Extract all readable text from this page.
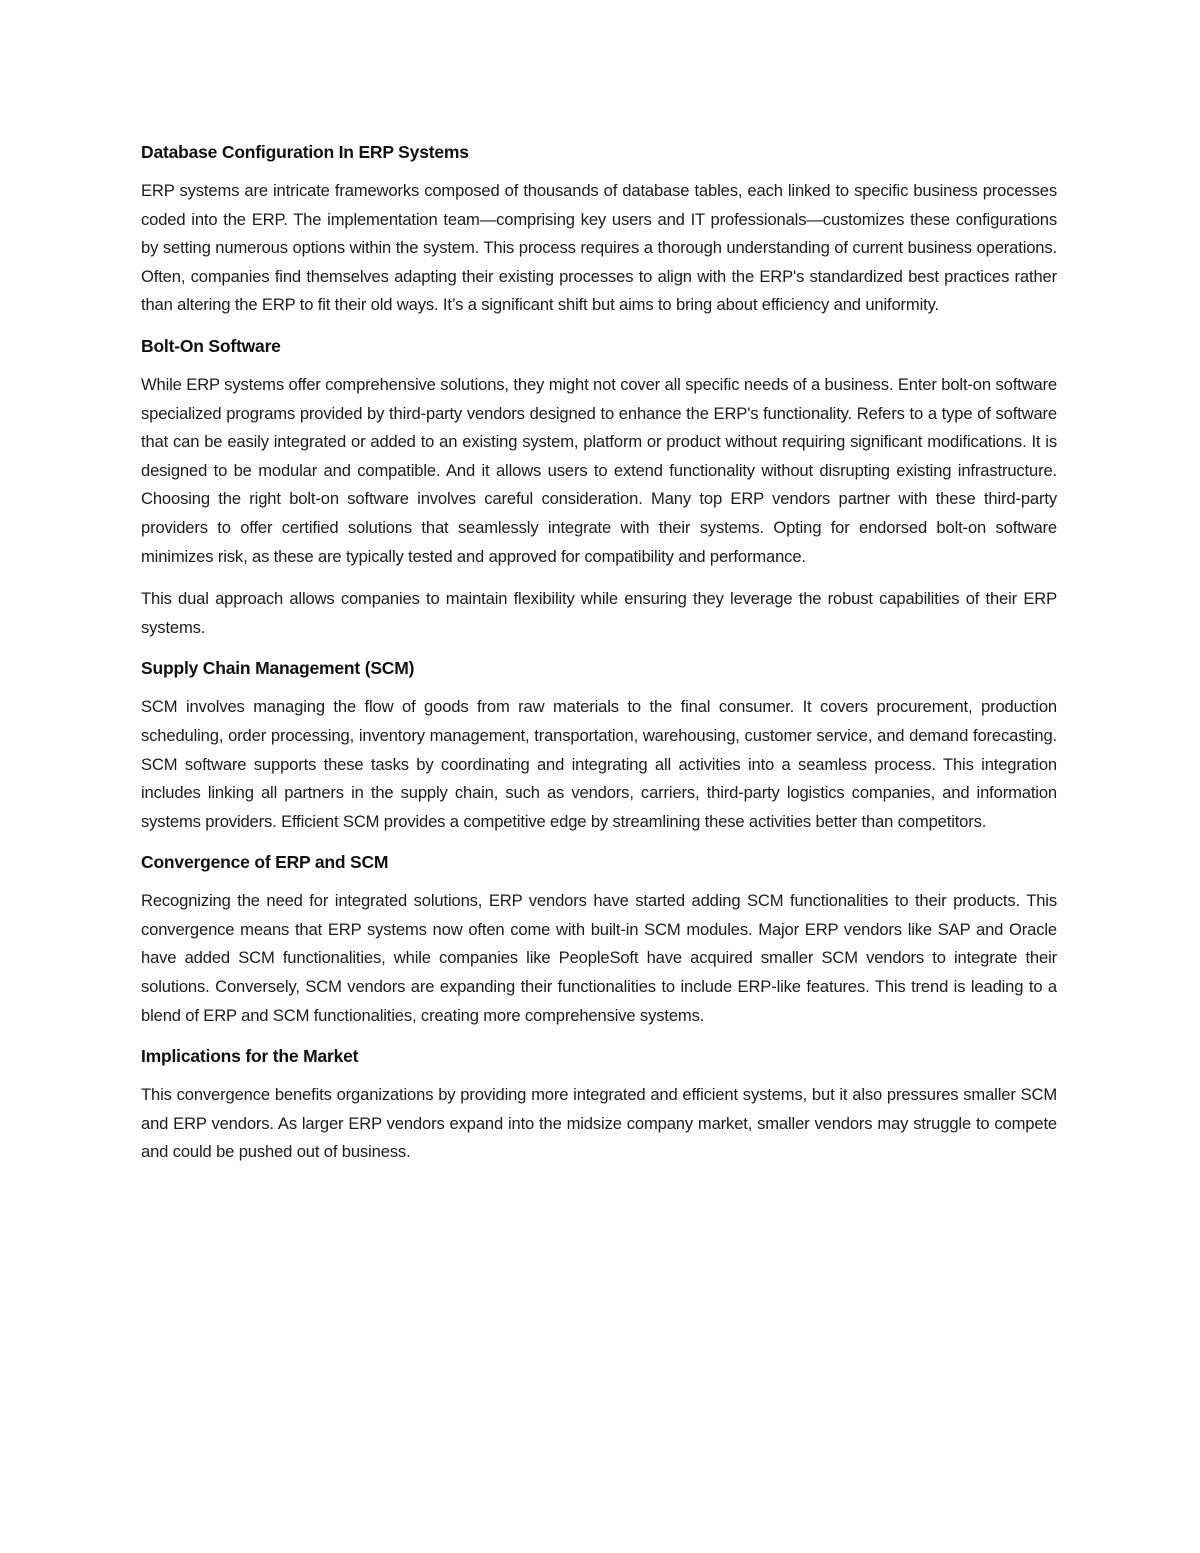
Database Configuration In ERP Systems

ERP systems are intricate frameworks composed of thousands of database tables, each linked to specific business processes coded into the ERP. The implementation team—comprising key users and IT professionals—customizes these configurations by setting numerous options within the system. This process requires a thorough understanding of current business operations. Often, companies find themselves adapting their existing processes to align with the ERP's standardized best practices rather than altering the ERP to fit their old ways. It’s a significant shift but aims to bring about efficiency and uniformity.

Bolt-On Software

While ERP systems offer comprehensive solutions, they might not cover all specific needs of a business. Enter bolt-on software specialized programs provided by third-party vendors designed to enhance the ERP's functionality. Refers to a type of software that can be easily integrated or added to an existing system, platform or product without requiring significant modifications. It is designed to be modular and compatible. And it allows users to extend functionality without disrupting existing infrastructure. Choosing the right bolt-on software involves careful consideration. Many top ERP vendors partner with these third-party providers to offer certified solutions that seamlessly integrate with their systems. Opting for endorsed bolt-on software minimizes risk, as these are typically tested and approved for compatibility and performance.

This dual approach allows companies to maintain flexibility while ensuring they leverage the robust capabilities of their ERP systems.

Supply Chain Management (SCM)

SCM involves managing the flow of goods from raw materials to the final consumer. It covers procurement, production scheduling, order processing, inventory management, transportation, warehousing, customer service, and demand forecasting. SCM software supports these tasks by coordinating and integrating all activities into a seamless process. This integration includes linking all partners in the supply chain, such as vendors, carriers, third-party logistics companies, and information systems providers. Efficient SCM provides a competitive edge by streamlining these activities better than competitors.

Convergence of ERP and SCM

Recognizing the need for integrated solutions, ERP vendors have started adding SCM functionalities to their products. This convergence means that ERP systems now often come with built-in SCM modules. Major ERP vendors like SAP and Oracle have added SCM functionalities, while companies like PeopleSoft have acquired smaller SCM vendors to integrate their solutions. Conversely, SCM vendors are expanding their functionalities to include ERP-like features. This trend is leading to a blend of ERP and SCM functionalities, creating more comprehensive systems.

Implications for the Market

This convergence benefits organizations by providing more integrated and efficient systems, but it also pressures smaller SCM and ERP vendors. As larger ERP vendors expand into the midsize company market, smaller vendors may struggle to compete and could be pushed out of business.
